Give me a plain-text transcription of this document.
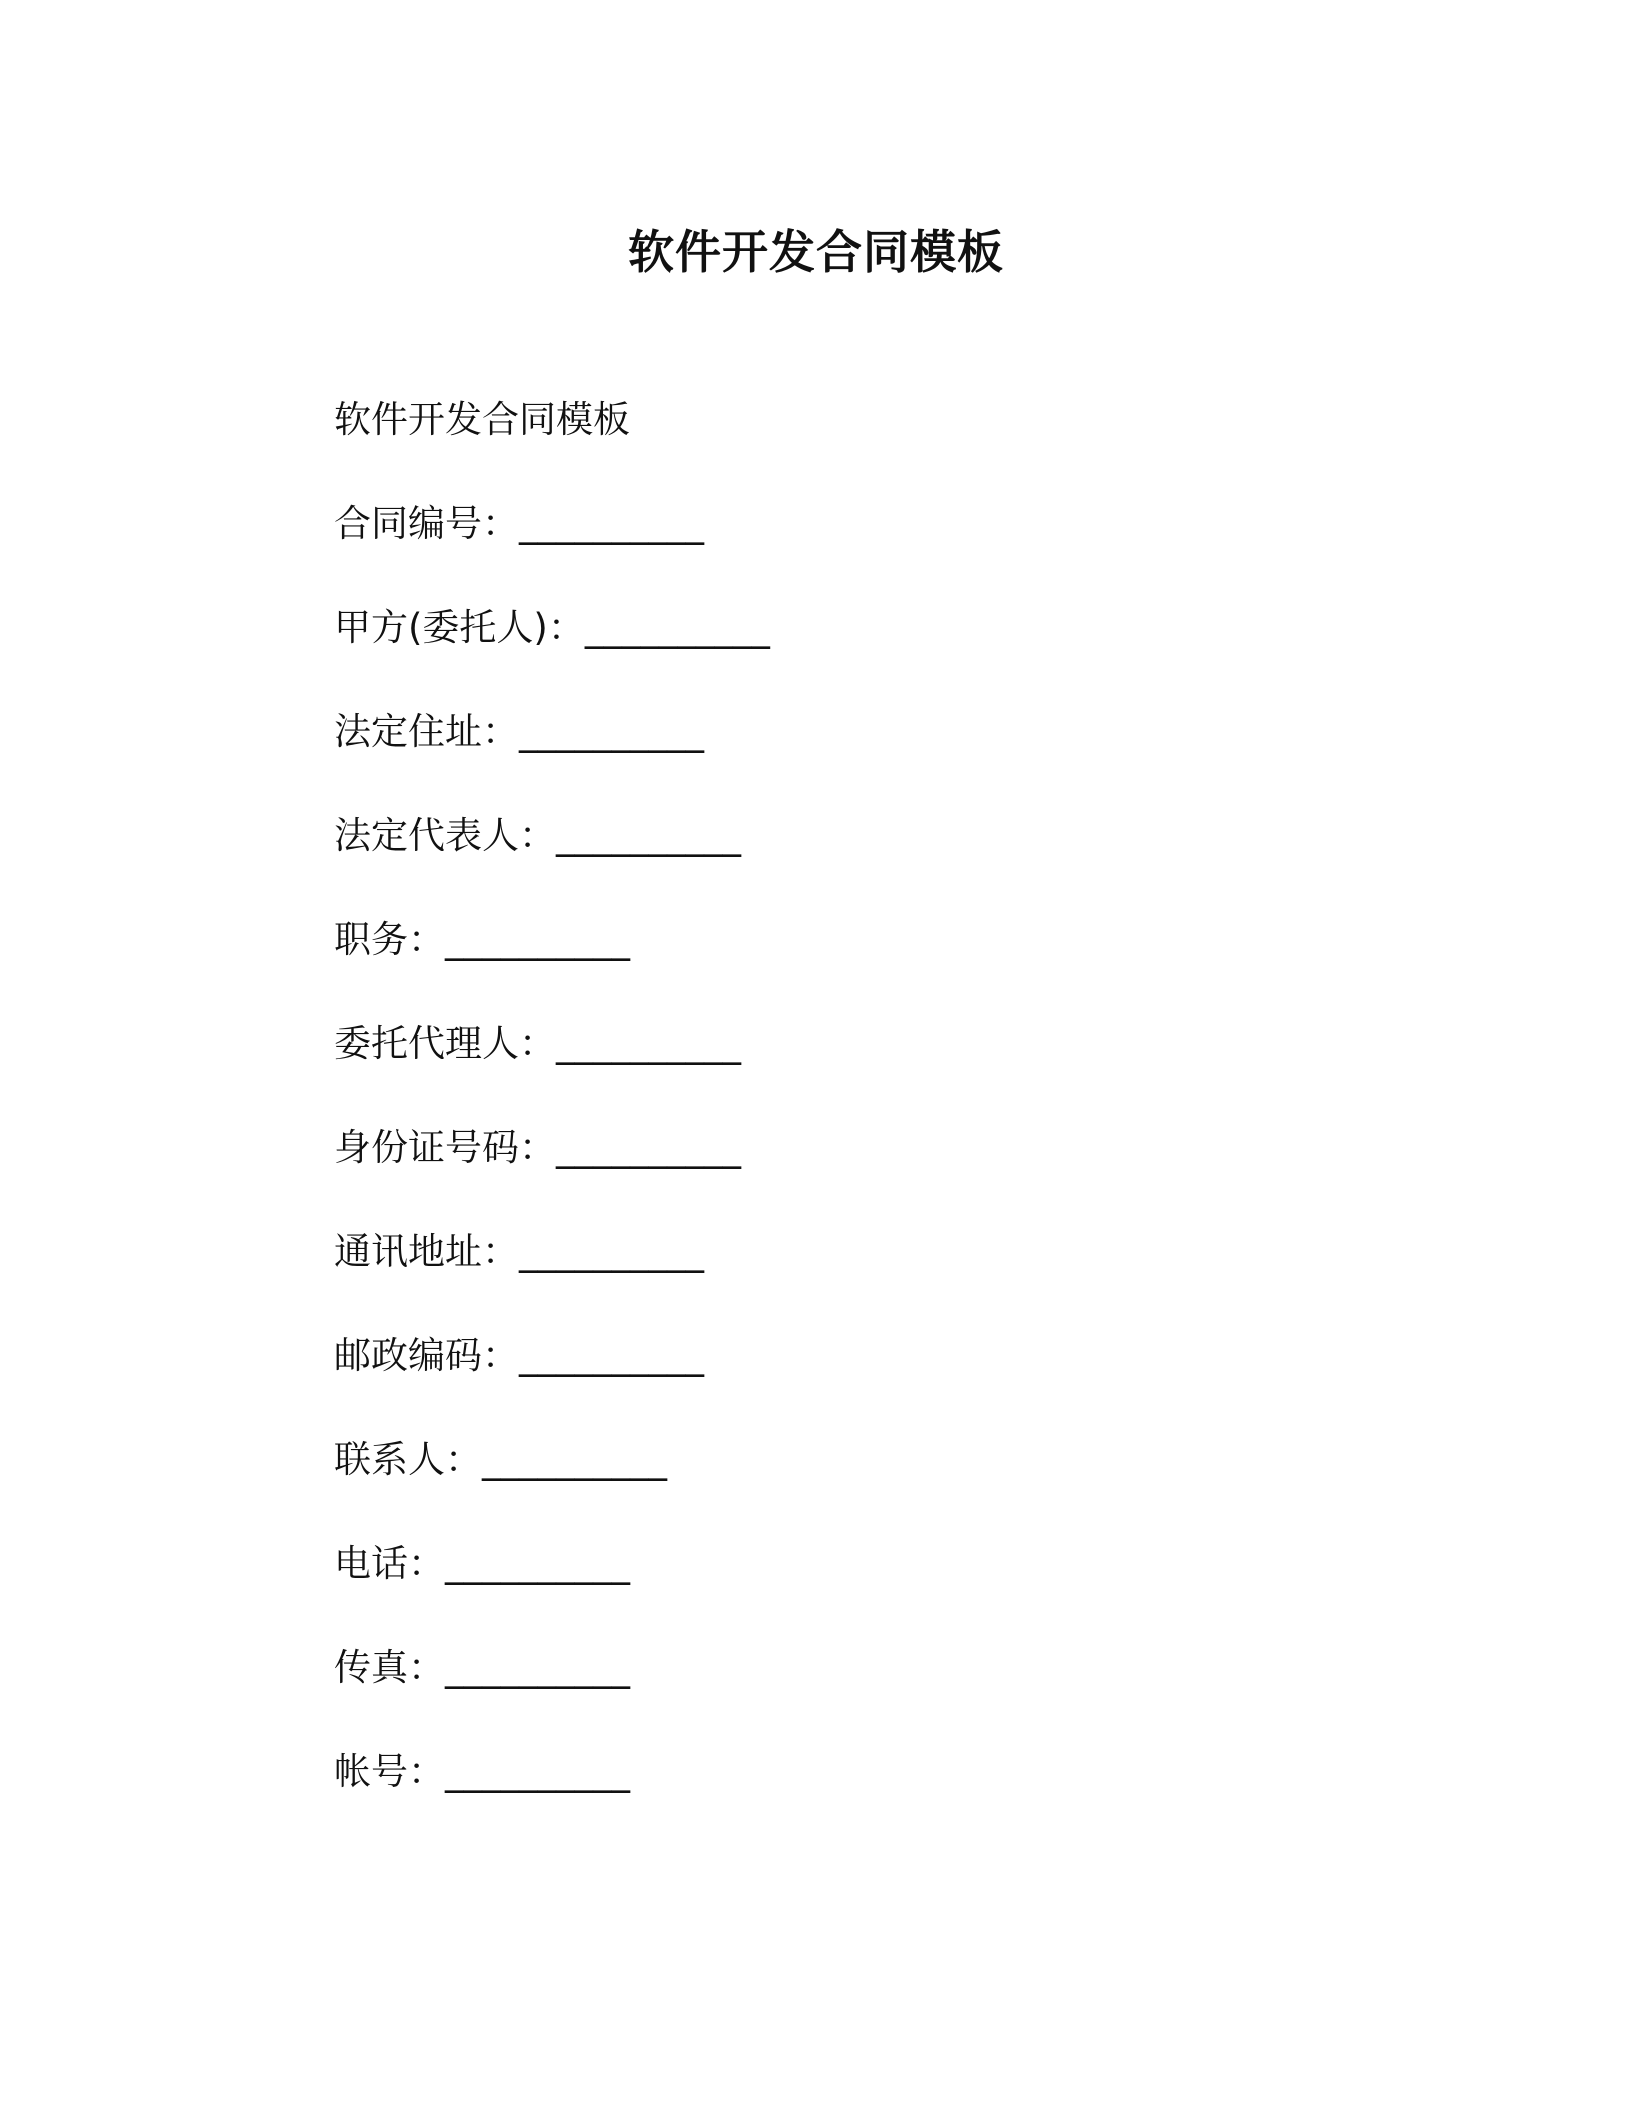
软件开发合同模板
软件开发合同模板
合同编号：__________
甲方(委托人)：__________
法定住址：__________
法定代表人：__________
职务：__________
委托代理人：__________
身份证号码：__________
通讯地址：__________
邮政编码：__________
联系人：__________
电话：__________
传真：__________
帐号：__________
